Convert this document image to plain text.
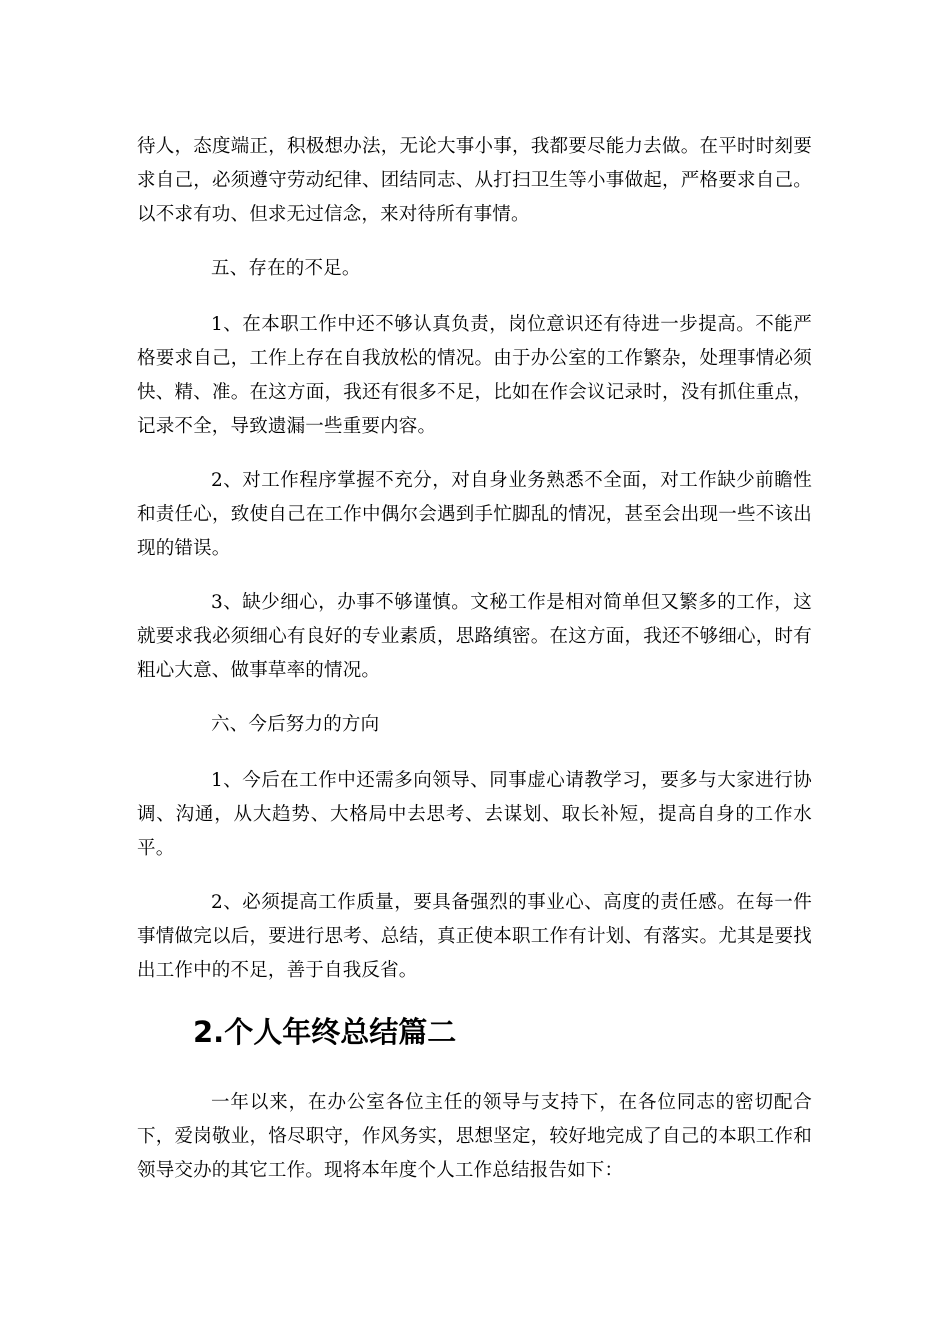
待人，态度端正，积极想办法，无论大事小事，我都要尽能力去做。在平时时刻要求自己，必须遵守劳动纪律、团结同志、从打扫卫生等小事做起，严格要求自己。以不求有功、但求无过信念，来对待所有事情。

五、存在的不足。

1、在本职工作中还不够认真负责，岗位意识还有待进一步提高。不能严格要求自己，工作上存在自我放松的情况。由于办公室的工作繁杂，处理事情必须快、精、准。在这方面，我还有很多不足，比如在作会议记录时，没有抓住重点，记录不全，导致遗漏一些重要内容。

2、对工作程序掌握不充分，对自身业务熟悉不全面，对工作缺少前瞻性和责任心，致使自己在工作中偶尔会遇到手忙脚乱的情况，甚至会出现一些不该出现的错误。

3、缺少细心，办事不够谨慎。文秘工作是相对简单但又繁多的工作，这就要求我必须细心有良好的专业素质，思路缜密。在这方面，我还不够细心，时有粗心大意、做事草率的情况。

六、今后努力的方向

1、今后在工作中还需多向领导、同事虚心请教学习，要多与大家进行协调、沟通，从大趋势、大格局中去思考、去谋划、取长补短，提高自身的工作水平。

2、必须提高工作质量，要具备强烈的事业心、高度的责任感。在每一件事情做完以后，要进行思考、总结，真正使本职工作有计划、有落实。尤其是要找出工作中的不足，善于自我反省。

2.个人年终总结篇二

一年以来，在办公室各位主任的领导与支持下，在各位同志的密切配合下，爱岗敬业，恪尽职守，作风务实，思想坚定，较好地完成了自己的本职工作和领导交办的其它工作。现将本年度个人工作总结报告如下：
